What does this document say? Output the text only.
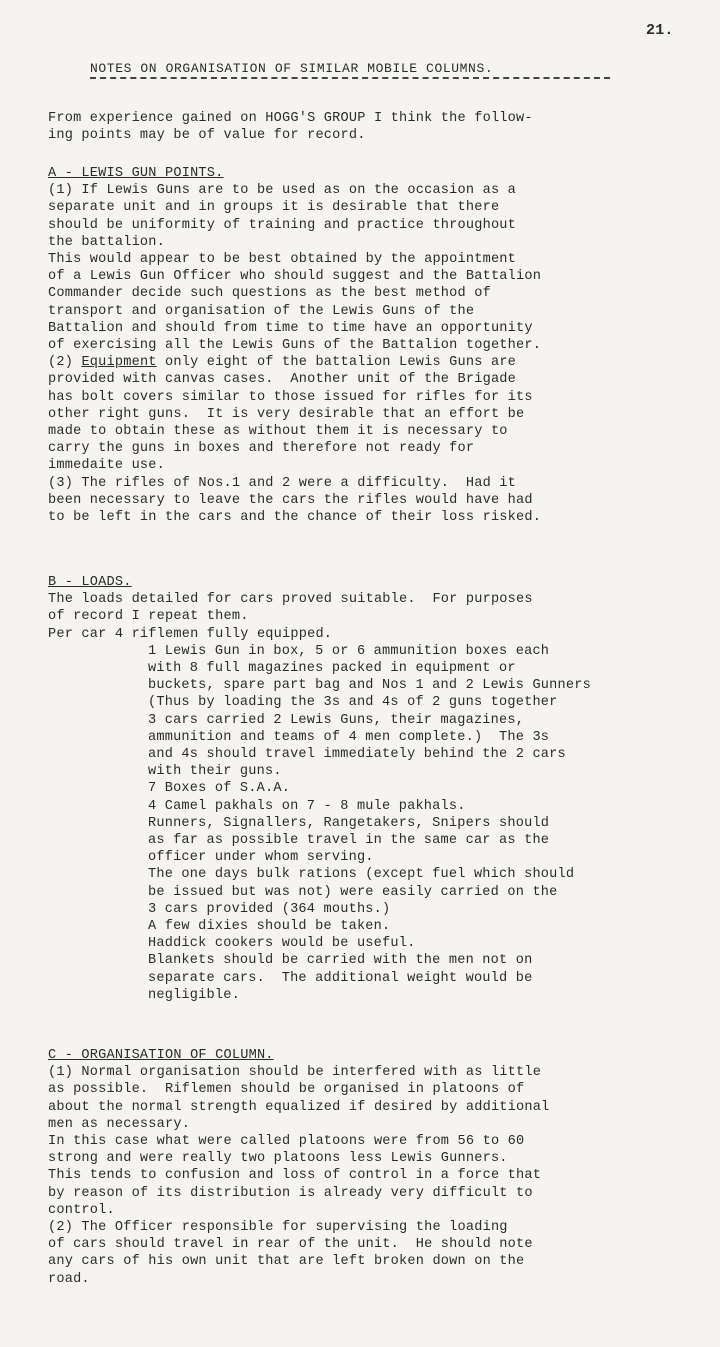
21.
NOTES ON ORGANISATION OF SIMILAR MOBILE COLUMNS.
From experience gained on HOGG'S GROUP I think the follow-
ing points may be of value for record.
A - LEWIS GUN POINTS.
(1) If Lewis Guns are to be used as on the occasion as a
separate unit and in groups it is desirable that there
should be uniformity of training and practice throughout
the battalion.
This would appear to be best obtained by the appointment
of a Lewis Gun Officer who should suggest and the Battalion
Commander decide such questions as the best method of
transport and organisation of the Lewis Guns of the
Battalion and should from time to time have an opportunity
of exercising all the Lewis Guns of the Battalion together.
(2) Equipment only eight of the battalion Lewis Guns are
provided with canvas cases.  Another unit of the Brigade
has bolt covers similar to those issued for rifles for its
other right guns.  It is very desirable that an effort be
made to obtain these as without them it is necessary to
carry the guns in boxes and therefore not ready for
immedaite use.
(3) The rifles of Nos.1 and 2 were a difficulty.  Had it
been necessary to leave the cars the rifles would have had
to be left in the cars and the chance of their loss risked.
B - LOADS.
The loads detailed for cars proved suitable.  For purposes
of record I repeat them.
Per car 4 riflemen fully equipped.
1 Lewis Gun in box, 5 or 6 ammunition boxes each
with 8 full magazines packed in equipment or
buckets, spare part bag and Nos 1 and 2 Lewis Gunners
(Thus by loading the 3s and 4s of 2 guns together
3 cars carried 2 Lewis Guns, their magazines,
ammunition and teams of 4 men complete.)  The 3s
and 4s should travel immediately behind the 2 cars
with their guns.
7 Boxes of S.A.A.
4 Camel pakhals on 7 - 8 mule pakhals.
Runners, Signallers, Rangetakers, Snipers should
as far as possible travel in the same car as the
officer under whom serving.
The one days bulk rations (except fuel which should
be issued but was not) were easily carried on the
3 cars provided (364 mouths.)
A few dixies should be taken.
Haddick cookers would be useful.
Blankets should be carried with the men not on
separate cars.  The additional weight would be
negligible.
C - ORGANISATION OF COLUMN.
(1) Normal organisation should be interfered with as little
as possible.  Riflemen should be organised in platoons of
about the normal strength equalized if desired by additional
men as necessary.
In this case what were called platoons were from 56 to 60
strong and were really two platoons less Lewis Gunners.
This tends to confusion and loss of control in a force that
by reason of its distribution is already very difficult to
control.
(2) The Officer responsible for supervising the loading
of cars should travel in rear of the unit.  He should note
any cars of his own unit that are left broken down on the
road.
